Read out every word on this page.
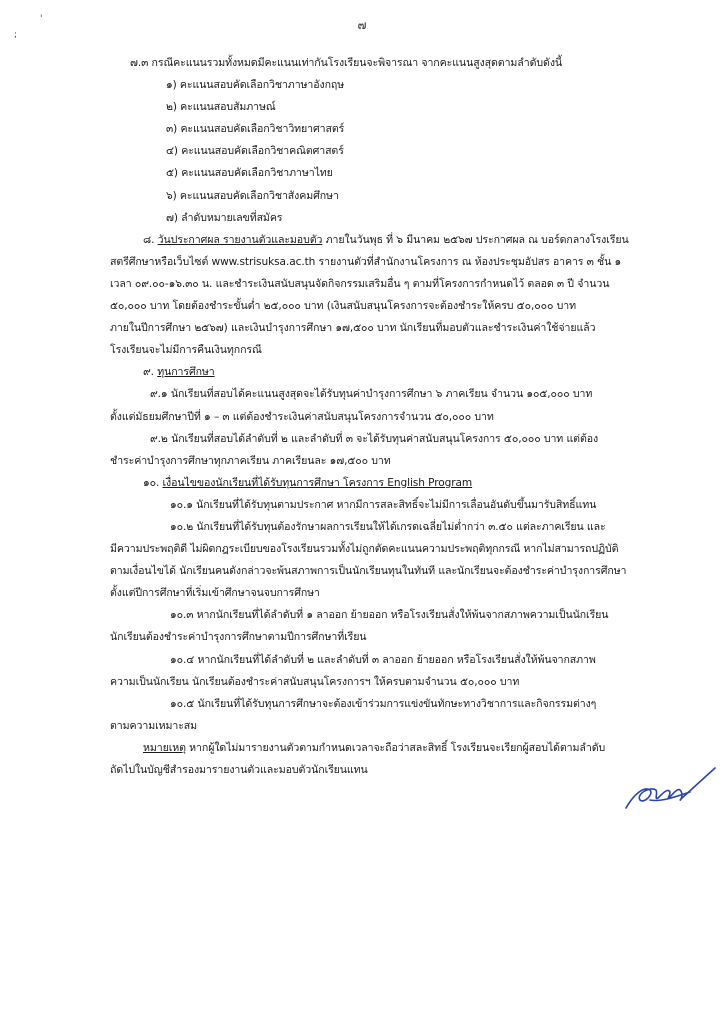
'
;
๗
๗.๓ กรณีคะแนนรวมทั้งหมดมีคะแนนเท่ากันโรงเรียนจะพิจารณา จากคะแนนสูงสุดตามลำดับดังนี้
๑) คะแนนสอบคัดเลือกวิชาภาษาอังกฤษ
๒) คะแนนสอบสัมภาษณ์
๓) คะแนนสอบคัดเลือกวิชาวิทยาศาสตร์
๔) คะแนนสอบคัดเลือกวิชาคณิตศาสตร์
๕) คะแนนสอบคัดเลือกวิชาภาษาไทย
๖) คะแนนสอบคัดเลือกวิชาสังคมศึกษา
๗) ลำดับหมายเลขที่สมัคร
๘. วันประกาศผล รายงานตัวและมอบตัว ภายในวันพุธ ที่ ๖ มีนาคม ๒๕๖๗ ประกาศผล ณ บอร์ดกลางโรงเรียน
สตรีศึกษาหรือเว็บไซต์ www.strisuksa.ac.th รายงานตัวที่สำนักงานโครงการ ณ ห้องประชุมอัปสร อาคาร ๓ ชั้น ๑
เวลา ๐๙.๐๐-๑๖.๓๐ น. และชำระเงินสนับสนุนจัดกิจกรรมเสริมอื่น ๆ ตามที่โครงการกำหนดไว้ ตลอด ๓ ปี จำนวน
๕๐,๐๐๐ บาท โดยต้องชำระขั้นต่ำ ๒๕,๐๐๐ บาท (เงินสนับสนุนโครงการจะต้องชำระให้ครบ ๕๐,๐๐๐ บาท
ภายในปีการศึกษา ๒๕๖๗) และเงินบำรุงการศึกษา ๑๗,๕๐๐ บาท นักเรียนที่มอบตัวและชำระเงินค่าใช้จ่ายแล้ว
โรงเรียนจะไม่มีการคืนเงินทุกกรณี
๙. ทุนการศึกษา
๙.๑ นักเรียนที่สอบได้คะแนนสูงสุดจะได้รับทุนค่าบำรุงการศึกษา ๖ ภาคเรียน จำนวน ๑๐๕,๐๐๐ บาท
ตั้งแต่มัธยมศึกษาปีที่ ๑ – ๓ แต่ต้องชำระเงินค่าสนับสนุนโครงการจำนวน ๕๐,๐๐๐ บาท
๙.๒ นักเรียนที่สอบได้ลำดับที่ ๒ และลำดับที่ ๓ จะได้รับทุนค่าสนับสนุนโครงการ ๕๐,๐๐๐ บาท แต่ต้อง
ชำระค่าบำรุงการศึกษาทุกภาคเรียน ภาคเรียนละ ๑๗,๕๐๐ บาท
๑๐. เงื่อนไขของนักเรียนที่ได้รับทุนการศึกษา โครงการ English Program
๑๐.๑ นักเรียนที่ได้รับทุนตามประกาศ หากมีการสละสิทธิ์จะไม่มีการเลื่อนอันดับขึ้นมารับสิทธิ์แทน
๑๐.๒ นักเรียนที่ได้รับทุนต้องรักษาผลการเรียนให้ได้เกรดเฉลี่ยไม่ต่ำกว่า ๓.๕๐ แต่ละภาคเรียน และ
มีความประพฤติดี ไม่ผิดกฎระเบียบของโรงเรียนรวมทั้งไม่ถูกตัดคะแนนความประพฤติทุกกรณี หากไม่สามารถปฏิบัติ
ตามเงื่อนไขได้ นักเรียนคนดังกล่าวจะพ้นสภาพการเป็นนักเรียนทุนในทันที และนักเรียนจะต้องชำระค่าบำรุงการศึกษา
ตั้งแต่ปีการศึกษาที่เริ่มเข้าศึกษาจนจบการศึกษา
๑๐.๓ หากนักเรียนที่ได้ลำดับที่ ๑ ลาออก ย้ายออก หรือโรงเรียนสั่งให้พ้นจากสภาพความเป็นนักเรียน
นักเรียนต้องชำระค่าบำรุงการศึกษาตามปีการศึกษาที่เรียน
๑๐.๔ หากนักเรียนที่ได้ลำดับที่ ๒ และลำดับที่ ๓ ลาออก ย้ายออก หรือโรงเรียนสั่งให้พ้นจากสภาพ
ความเป็นนักเรียน นักเรียนต้องชำระค่าสนับสนุนโครงการฯ ให้ครบตามจำนวน ๕๐,๐๐๐ บาท
๑๐.๕ นักเรียนที่ได้รับทุนการศึกษาจะต้องเข้าร่วมการแข่งขันทักษะทางวิชาการและกิจกรรมต่างๆ
ตามความเหมาะสม
หมายเหตุ หากผู้ใดไม่มารายงานตัวตามกำหนดเวลาจะถือว่าสละสิทธิ์ โรงเรียนจะเรียกผู้สอบได้ตามลำดับ
ถัดไปในบัญชีสำรองมารายงานตัวและมอบตัวนักเรียนแทน
